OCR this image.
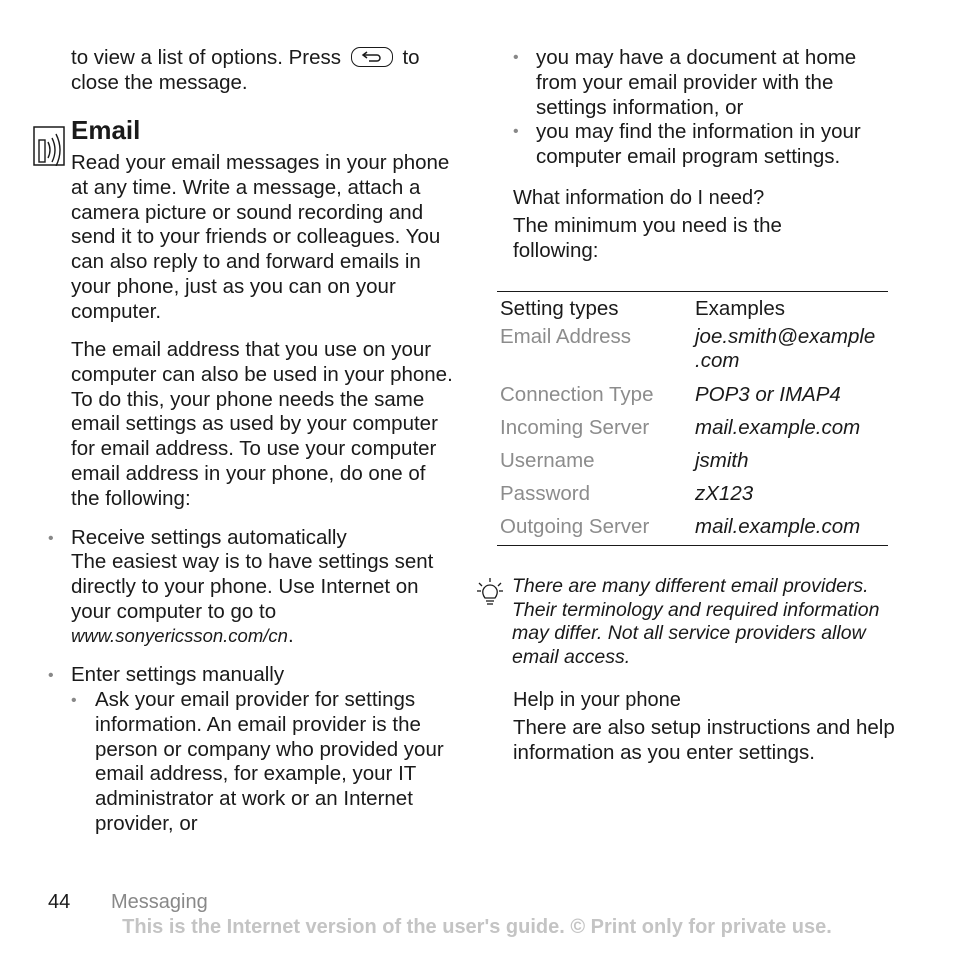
to view a list of options. Press	to

close the message.

Email

Read your email messages in your phone at any time. Write a message, attach a camera picture or sound recording and send it to your friends or colleagues. You can also reply to and forward emails in your phone, just as you can on your computer.

The email address that you use on your computer can also be used in your phone. To do this, your phone needs the same email settings as used by your computer for email address. To use your computer email address in your phone, do one of the following:

• Receive settings automatically

The easiest way is to have settings sent directly to your phone. Use Internet on your computer to go to www.sonyericsson.com/cn.

• Enter settings manually

• Ask your email provider for settings information. An email provider is the person or company who provided your email address, for example, your IT administrator at work or an Internet provider, or

• you may have a document at home from your email provider with the settings information, or

• you may find the information in your computer email program settings.

What information do I need?

The minimum you need is the following:

Setting types	Examples
Email Address	joe.smith@example
.com
Connection Type	POP3 or IMAP4
Incoming Server	mail.example.com
Username	jsmith
Password	zX123
Outgoing Server	mail.example.com

There are many different email providers. Their terminology and required information may differ. Not all service providers allow email access.

Help in your phone

There are also setup instructions and help information as you enter settings.

44 Messaging
This is the Internet version of the user's guide. © Print only for private use.
